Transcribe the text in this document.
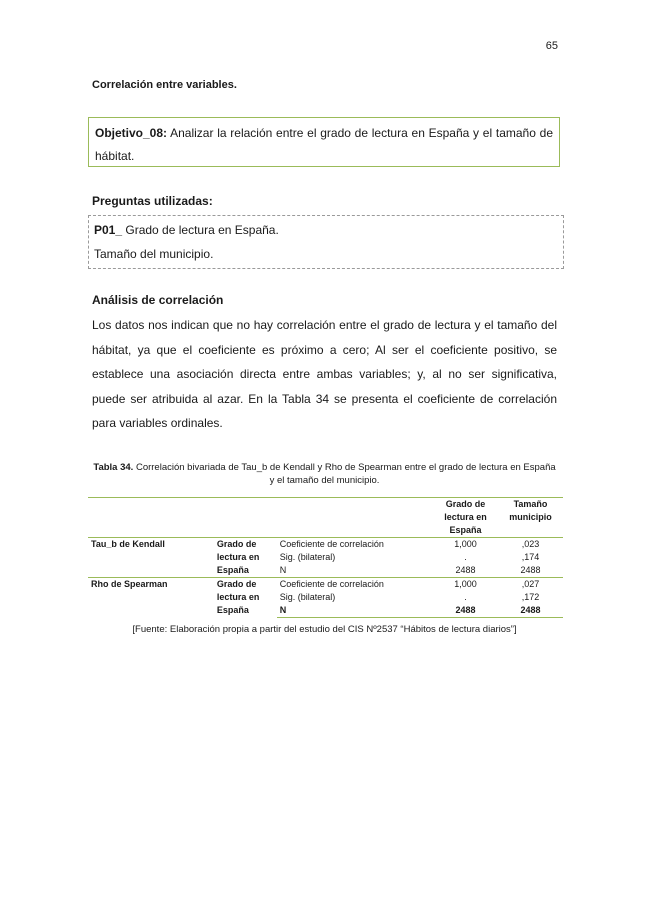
65
Correlación entre variables.
Objetivo_08: Analizar la relación entre el grado de lectura en España y el tamaño de hábitat.
Preguntas utilizadas:
P01_ Grado de lectura en España.
Tamaño del municipio.
Análisis de correlación
Los datos nos indican que no hay correlación entre el grado de lectura y el tamaño del hábitat, ya que el coeficiente es próximo a cero; Al ser el coeficiente positivo, se establece una asociación directa entre ambas variables; y, al no ser significativa, puede ser atribuida al azar. En la Tabla 34 se presenta el coeficiente de correlación para variables ordinales.
Tabla 34. Correlación bivariada de Tau_b de Kendall y Rho de Spearman entre el grado de lectura en España y el tamaño del municipio.
			Grado de lectura en España	Tamaño municipio
Tau_b de Kendall	Grado de lectura en España	Coeficiente de correlación	1,000	,023
		Sig. (bilateral)	.	,174
		N	2488	2488
Rho de Spearman	Grado de lectura en España	Coeficiente de correlación	1,000	,027
		Sig. (bilateral)	.	,172
		N	2488	2488
[Fuente: Elaboración propia a partir del estudio del CIS Nº2537 “Hábitos de lectura diarios”]
